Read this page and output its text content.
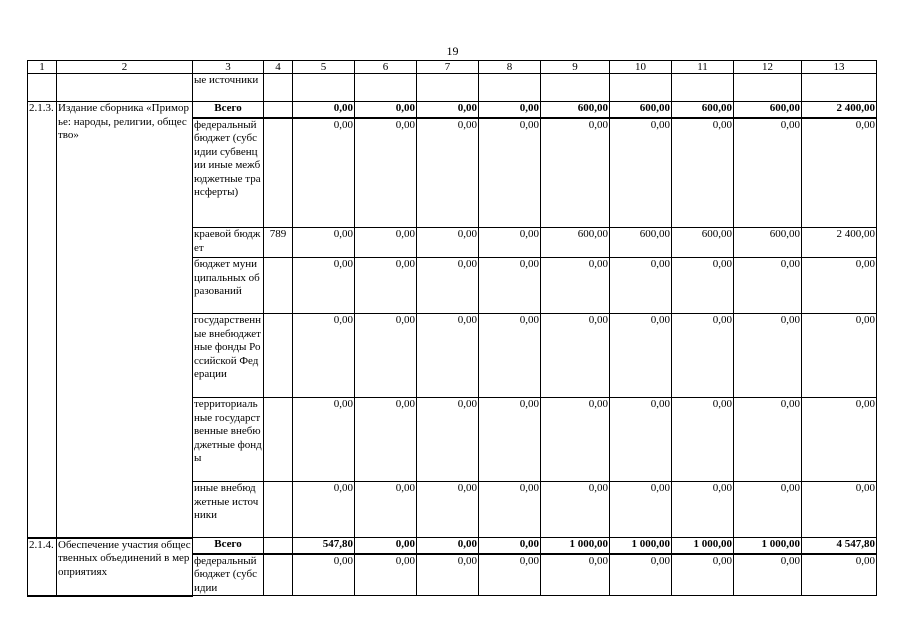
19
1	2	3	4	5	6	7	8	9	10	11	12	13
		ые источники										
2.1.3.	Издание сборника «Приморье: народы, религии, общество»	Всего		0,00	0,00	0,00	0,00	600,00	600,00	600,00	600,00	2 400,00
		федеральный бюджет (субсидии субвенции иные межбюджетные трансферты)		0,00	0,00	0,00	0,00	0,00	0,00	0,00	0,00	0,00
		краевой бюджет	789	0,00	0,00	0,00	0,00	600,00	600,00	600,00	600,00	2 400,00
		бюджет муниципальных образований		0,00	0,00	0,00	0,00	0,00	0,00	0,00	0,00	0,00
		государственные внебюджетные фонды Российской Федерации		0,00	0,00	0,00	0,00	0,00	0,00	0,00	0,00	0,00
		территориальные государственные внебюджетные фонды		0,00	0,00	0,00	0,00	0,00	0,00	0,00	0,00	0,00
		иные внебюджетные источники		0,00	0,00	0,00	0,00	0,00	0,00	0,00	0,00	0,00
2.1.4.	Обеспечение участия общественных объединений в мероприятиях	Всего		547,80	0,00	0,00	0,00	1 000,00	1 000,00	1 000,00	1 000,00	4 547,80
		федеральный бюджет (субсидии		0,00	0,00	0,00	0,00	0,00	0,00	0,00	0,00	0,00
